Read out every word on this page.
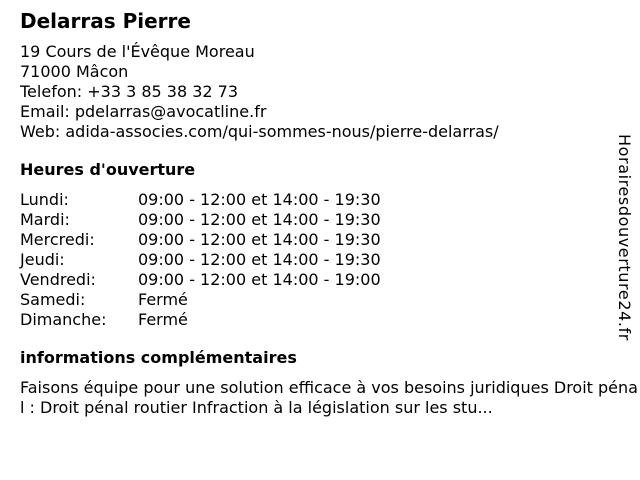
Delarras Pierre
19 Cours de l'Évêque Moreau
71000 Mâcon
Telefon: +33 3 85 38 32 73
Email: pdelarras@avocatline.fr
Web: adida-associes.com/qui-sommes-nous/pierre-delarras/
Heures d'ouverture
Lundi:	09:00 - 12:00 et 14:00 - 19:30
Mardi:	09:00 - 12:00 et 14:00 - 19:30
Mercredi:	09:00 - 12:00 et 14:00 - 19:30
Jeudi:	09:00 - 12:00 et 14:00 - 19:30
Vendredi:	09:00 - 12:00 et 14:00 - 19:00
Samedi:	Fermé
Dimanche:	Fermé
informations complémentaires
Faisons équipe pour une solution efficace à vos besoins juridiques Droit pénal : Droit pénal routier Infraction à la législation sur les stu...
Horairesdouverture24.fr
